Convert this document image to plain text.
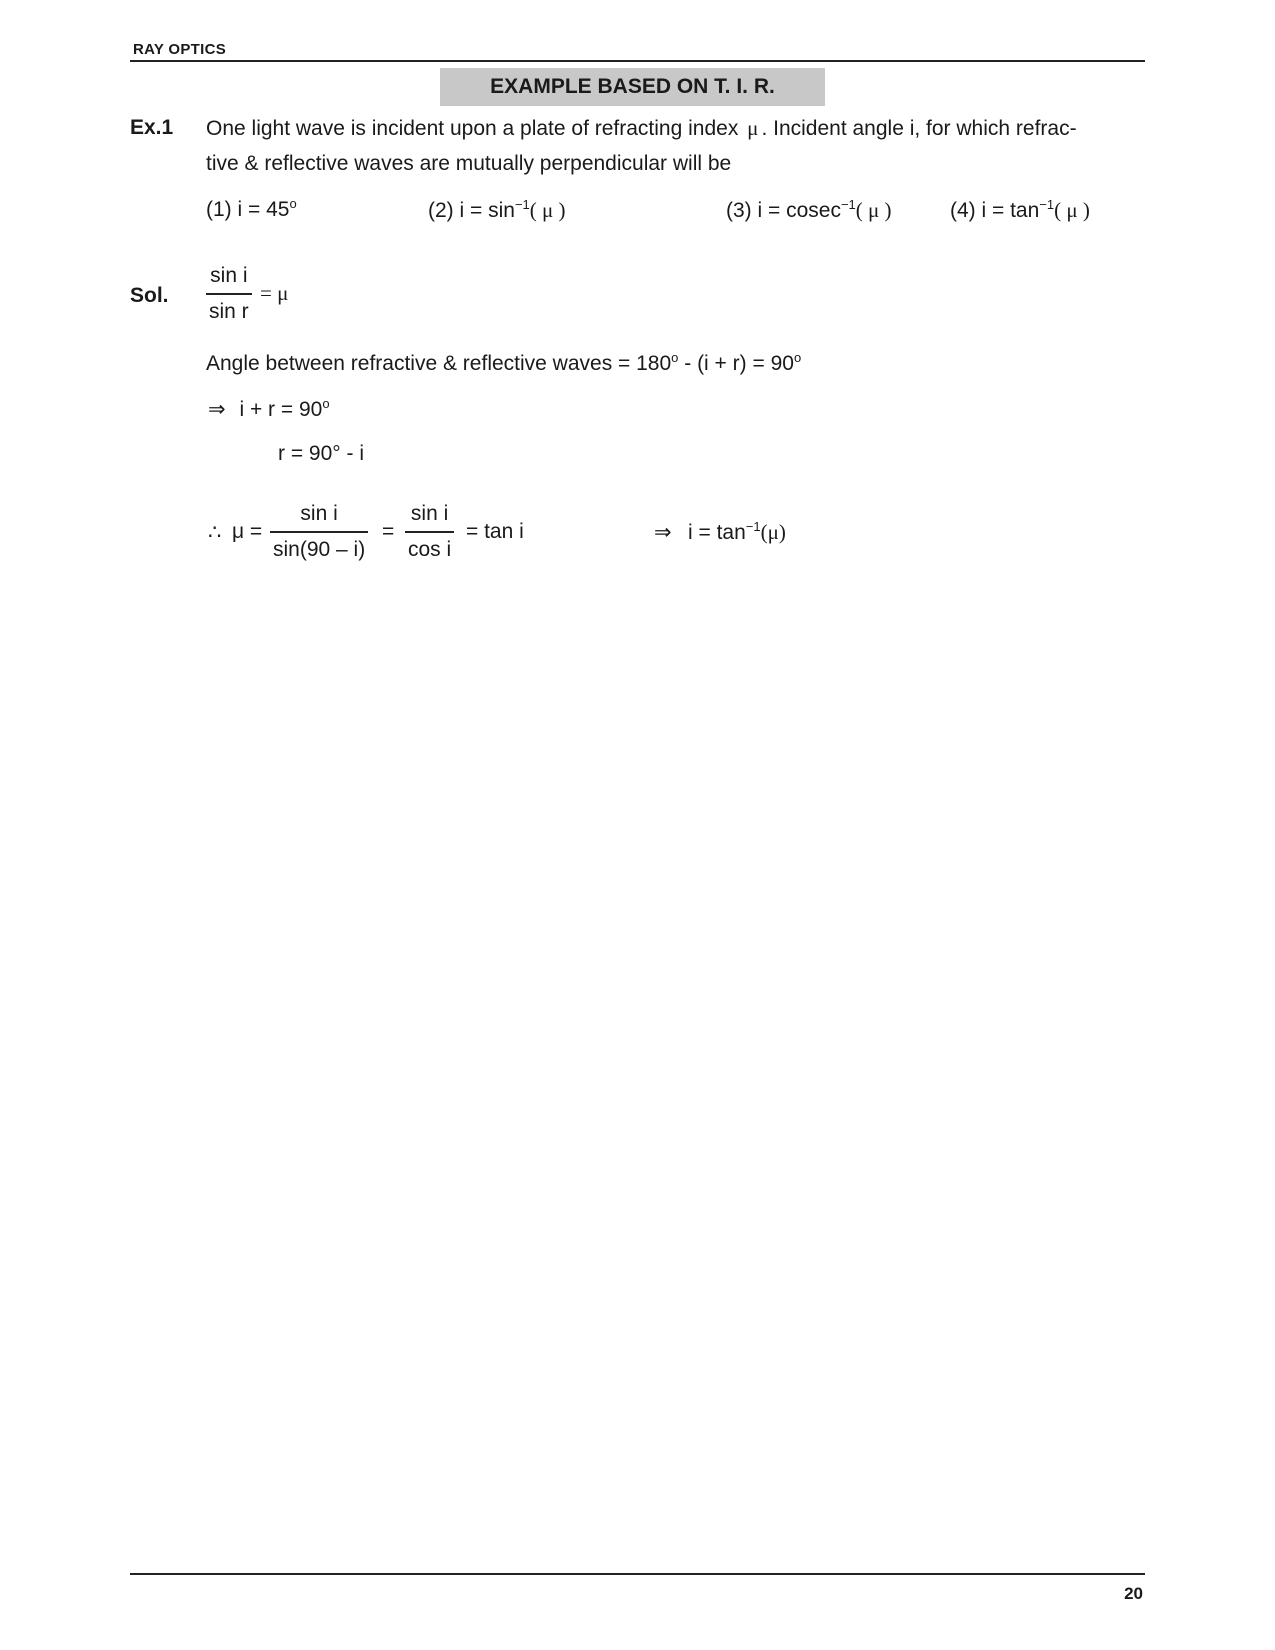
RAY OPTICS
EXAMPLE BASED ON T. I. R.
Ex.1 One light wave is incident upon a plate of refracting index μ . Incident angle i, for which refrac-
tive & reflective waves are mutually perpendicular will be
(1) $i = 45^o$	(2) $i = \sin^{-1}$( μ )	(3) i = cosec$^{-1}$( μ )	(4) $i = \tan^{-1}$( μ )
Sol.
sin i
sin r
= μ
Angle between refractive & reflective waves = $180^o - (i + r) = 90^o$
⇒ $i + r = 90^o$
r = 90° - i
∴ μ =
sin i
sin(90 – i)
=
sin i
cos i
= tan i	⇒ $i = \tan^{-1}(\mu)$
20
